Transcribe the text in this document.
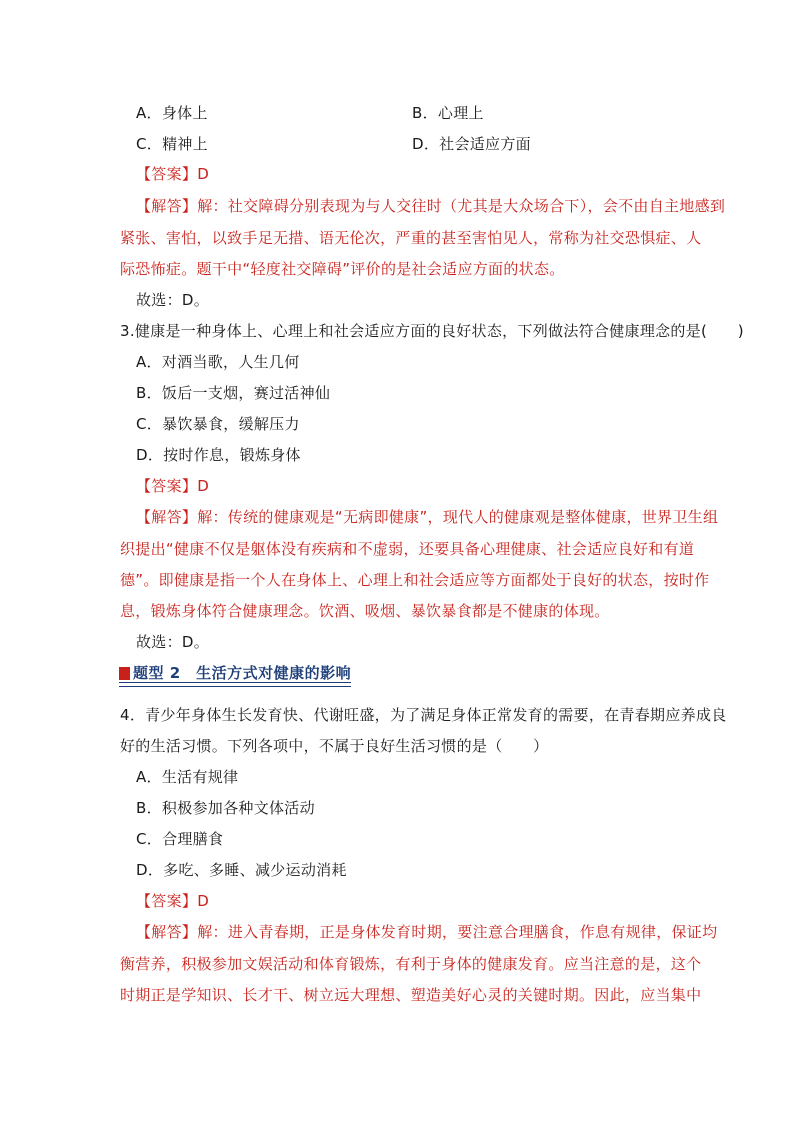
A．身体上	B．心理上
C．精神上	D．社会适应方面
【答案】D
【解答】解：社交障碍分别表现为与人交往时（尤其是大众场合下），会不由自主地感到
紧张、害怕，以致手足无措、语无伦次，严重的甚至害怕见人，常称为社交恐惧症、人
际恐怖症。题干中“轻度社交障碍”评价的是社会适应方面的状态。
故选：D。
3.健康是一种身体上、心理上和社会适应方面的良好状态，下列做法符合健康理念的是(　　)
A．对酒当歌，人生几何
B．饭后一支烟，赛过活神仙
C．暴饮暴食，缓解压力
D．按时作息，锻炼身体
【答案】D
【解答】解：传统的健康观是“无病即健康”，现代人的健康观是整体健康，世界卫生组
织提出“健康不仅是躯体没有疾病和不虚弱，还要具备心理健康、社会适应良好和有道
德”。即健康是指一个人在身体上、心理上和社会适应等方面都处于良好的状态，按时作
息，锻炼身体符合健康理念。饮酒、吸烟、暴饮暴食都是不健康的体现。
故选：D。
题型 2　生活方式对健康的影响
4．青少年身体生长发育快、代谢旺盛，为了满足身体正常发育的需要，在青春期应养成良
好的生活习惯。下列各项中，不属于良好生活习惯的是（　　）
A．生活有规律
B．积极参加各种文体活动
C．合理膳食
D．多吃、多睡、减少运动消耗
【答案】D
【解答】解：进入青春期，正是身体发育时期，要注意合理膳食，作息有规律，保证均
衡营养，积极参加文娱活动和体育锻炼，有利于身体的健康发育。应当注意的是，这个
时期正是学知识、长才干、树立远大理想、塑造美好心灵的关键时期。因此，应当集中
